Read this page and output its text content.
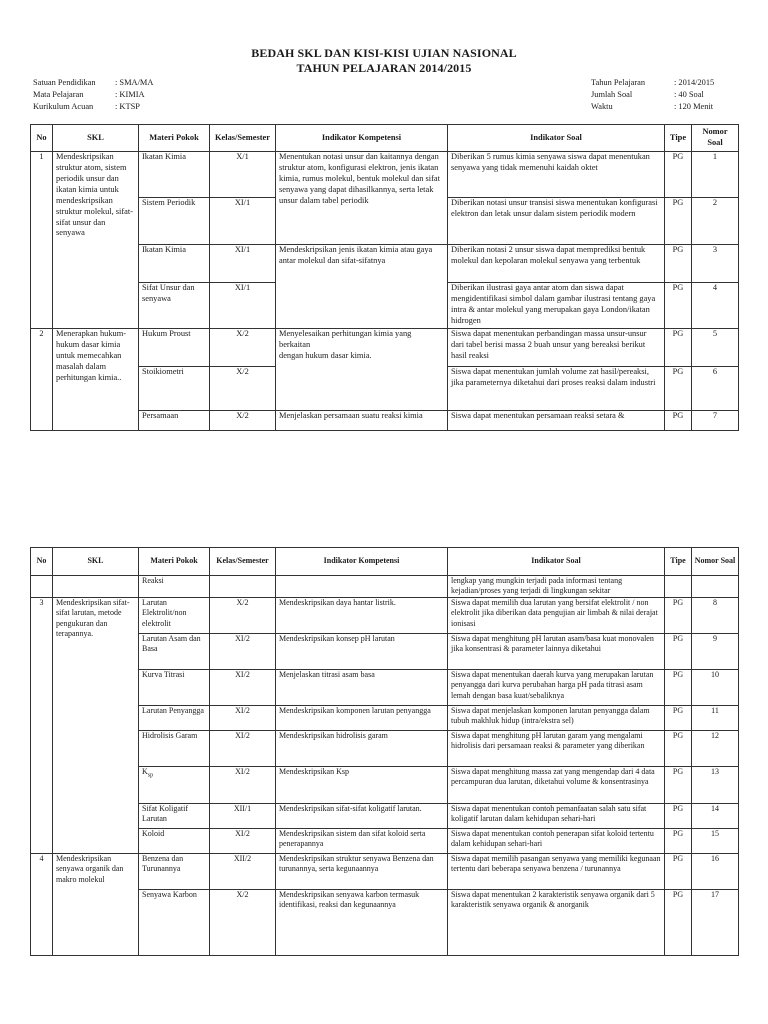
BEDAH SKL DAN KISI-KISI UJIAN NASIONAL
TAHUN PELAJARAN 2014/2015
Satuan Pendidikan	: SMA/MA
Mata Pelajaran	: KIMIA
Kurikulum Acuan	: KTSP
Tahun Pelajaran	: 2014/2015
Jumlah Soal	: 40 Soal
Waktu	: 120 Menit
No	SKL	Materi Pokok	Kelas/Semester	Indikator Kompetensi	Indikator Soal	Tipe	Nomor Soal
1	Mendeskripsikan struktur atom, sistem periodik unsur dan ikatan kimia untuk mendeskripsikan struktur molekul, sifat-sifat unsur dan senyawa	Ikatan Kimia	X/1	Menentukan notasi unsur dan kaitannya dengan struktur atom, konfigurasi elektron, jenis ikatan kimia, rumus molekul, bentuk molekul dan sifat senyawa yang dapat dihasilkannya, serta letak unsur dalam tabel periodik	Diberikan 5 rumus kimia senyawa siswa dapat menentukan senyawa yang tidak memenuhi kaidah oktet	PG	1
		Sistem Periodik	XI/1		Diberikan notasi unsur transisi siswa menentukan konfigurasi elektron dan letak unsur dalam sistem periodik modern	PG	2
		Ikatan Kimia	XI/1	Mendeskripsikan jenis ikatan kimia atau gaya antar molekul dan sifat-sifatnya	Diberikan notasi 2 unsur siswa dapat memprediksi bentuk molekul dan kepolaran molekul senyawa yang terbentuk	PG	3
		Sifat Unsur dan senyawa	XI/1		Diberikan ilustrasi gaya antar atom dan siswa dapat mengidentifikasi simbol dalam gambar ilustrasi tentang gaya intra & antar molekul yang merupakan gaya London/ikatan hidrogen	PG	4
2	Menerapkan hukum-hukum dasar kimia untuk memecahkan masalah dalam perhitungan kimia..	Hukum Proust	X/2	Menyelesaikan perhitungan kimia yang berkaitan
dengan hukum dasar kimia.	Siswa dapat menentukan perbandingan massa unsur-unsur dari tabel berisi massa 2 buah unsur yang bereaksi berikut hasil reaksi	PG	5
		Stoikiometri	X/2		Siswa dapat menentukan jumlah volume zat hasil/pereaksi, jika parameternya diketahui dari proses reaksi dalam industri	PG	6
		Persamaan	X/2	Menjelaskan persamaan suatu reaksi kimia	Siswa dapat menentukan persamaan reaksi setara &	PG	7
No	SKL	Materi Pokok	Kelas/Semester	Indikator Kompetensi	Indikator Soal	Tipe	Nomor Soal
		Reaksi			lengkap yang mungkin terjadi pada informasi tentang kejadian/proses yang terjadi di lingkungan sekitar		
3	Mendeskripsikan sifat-sifat larutan, metode pengukuran dan terapannya.	Larutan Elektrolit/non elektrolit	X/2	Mendeskripsikan daya hantar listrik.	Siswa dapat memilih dua larutan yang bersifat elektrolit / non elektrolit jika diberikan data pengujian air limbah & nilai derajat ionisasi	PG	8
		Larutan Asam dan Basa	XI/2	Mendeskripsikan konsep pH larutan	Siswa dapat menghitung pH larutan asam/basa kuat monovalen jika konsentrasi & parameter lainnya diketahui	PG	9
		Kurva Titrasi	XI/2	Menjelaskan titrasi asam basa	Siswa dapat menentukan daerah kurva yang merupakan larutan penyangga dari kurva perubahan harga pH pada titrasi asam lemah dengan basa kuat/sebaliknya	PG	10
		Larutan Penyangga	XI/2	Mendeskripsikan komponen larutan penyangga	Siswa dapat menjelaskan komponen larutan penyangga dalam tubuh makhluk hidup (intra/ekstra sel)	PG	11
		Hidrolisis Garam	XI/2	Mendeskripsikan hidrolisis garam	Siswa dapat menghitung pH larutan garam yang mengalami hidrolisis dari persamaan reaksi & parameter yang diberikan	PG	12
		$K_{sp}$	XI/2	Mendeskripsikan Ksp	Siswa dapat menghitung massa zat yang mengendap dari 4 data percampuran dua larutan, diketahui volume & konsentrasinya	PG	13
		Sifat Koligatif Larutan	XII/1	Mendeskripsikan sifat-sifat koligatif larutan.	Siswa dapat menentukan contoh pemanfaatan salah satu sifat koligatif larutan dalam kehidupan sehari-hari	PG	14
		Koloid	XI/2	Mendeskripsikan sistem dan sifat koloid serta penerapannya	Siswa dapat menentukan contoh penerapan sifat koloid tertentu dalam kehidupan sehari-hari	PG	15
4	Mendeskripsikan senyawa organik dan makro molekul	Benzena dan Turunannya	XII/2	Mendeskripsikan struktur senyawa Benzena dan
turunannya, serta kegunaannya	Siswa dapat memilih pasangan senyawa yang memiliki kegunaan tertentu dari beberapa senyawa benzena / turunannya	PG	16
		Senyawa Karbon	X/2	Mendeskripsikan senyawa karbon termasuk identifikasi, reaksi dan kegunaannya	Siswa dapat menentukan 2 karakteristik senyawa organik dari 5 karakteristik senyawa organik & anorganik	PG	17
